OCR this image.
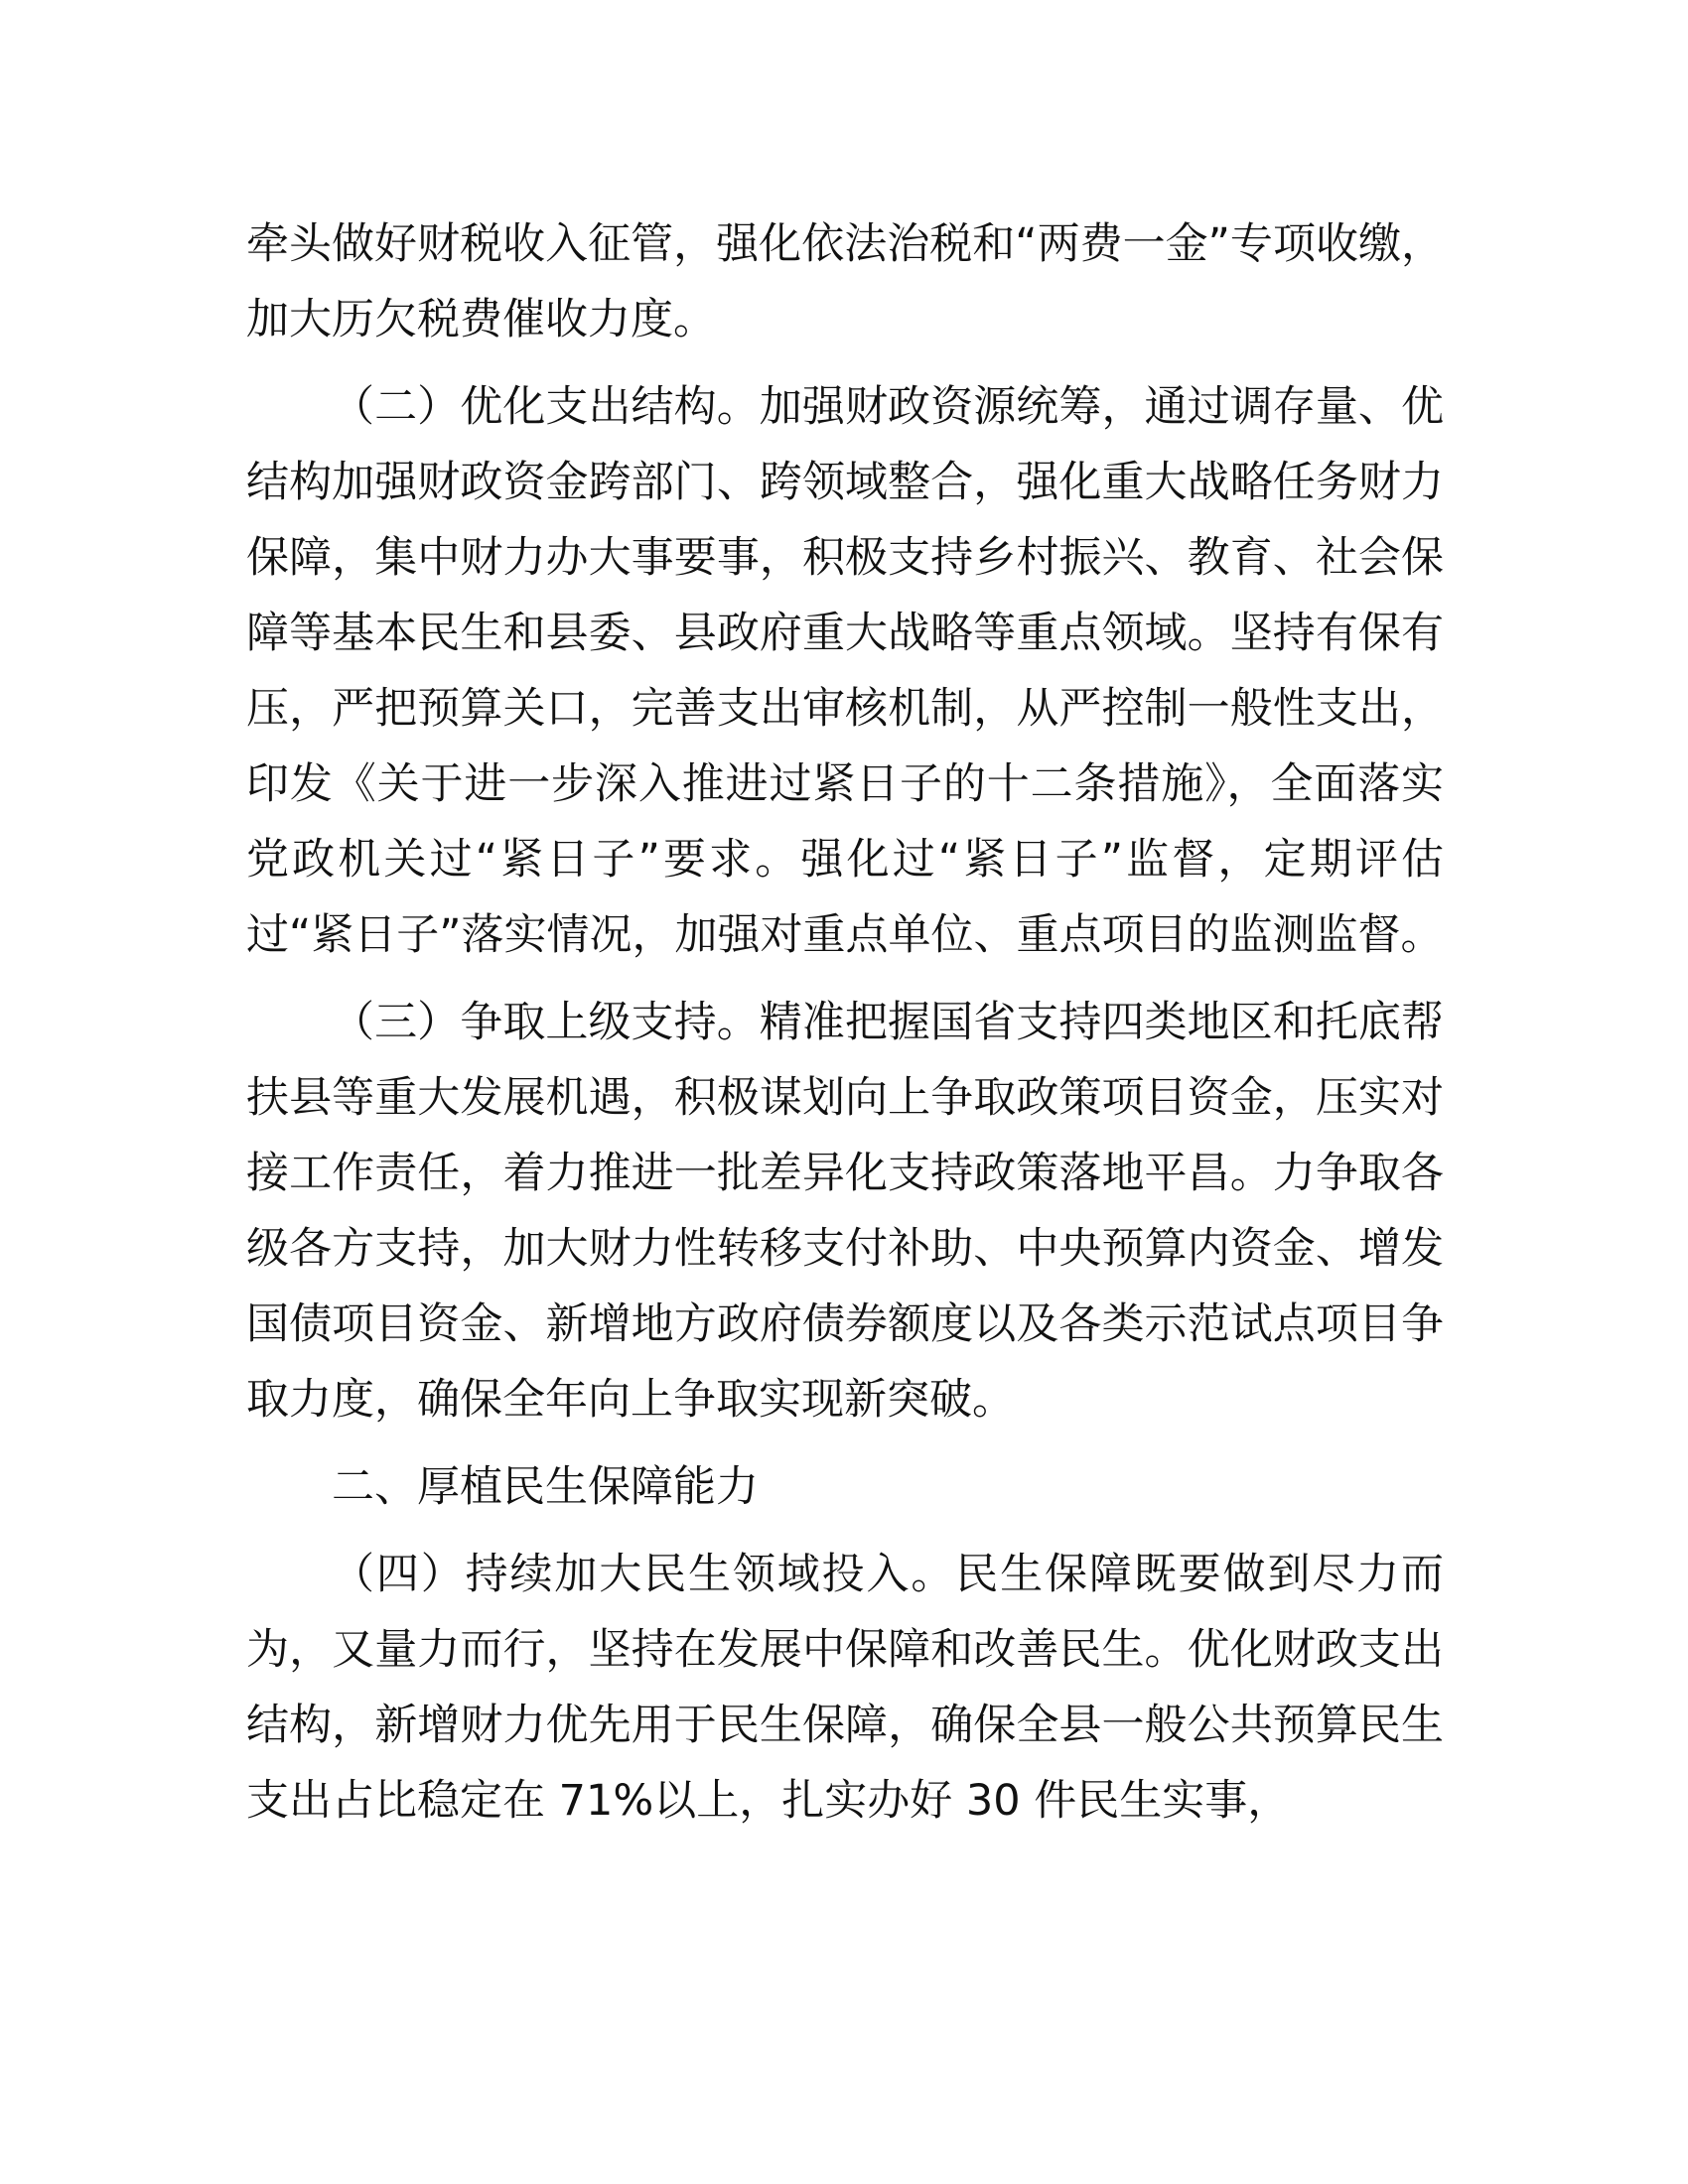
牵头做好财税收入征管，强化依法治税和“两费一金”专项收缴，加大历欠税费催收力度。

（二）优化支出结构。加强财政资源统筹，通过调存量、优结构加强财政资金跨部门、跨领域整合，强化重大战略任务财力保障，集中财力办大事要事，积极支持乡村振兴、教育、社会保障等基本民生和县委、县政府重大战略等重点领域。坚持有保有压，严把预算关口，完善支出审核机制，从严控制一般性支出，印发《关于进一步深入推进过紧日子的十二条措施》，全面落实党政机关过“紧日子”要求。强化过“紧日子”监督，定期评估过“紧日子”落实情况，加强对重点单位、重点项目的监测监督。

（三）争取上级支持。精准把握国省支持四类地区和托底帮扶县等重大发展机遇，积极谋划向上争取政策项目资金，压实对接工作责任，着力推进一批差异化支持政策落地平昌。力争取各级各方支持，加大财力性转移支付补助、中央预算内资金、增发国债项目资金、新增地方政府债券额度以及各类示范试点项目争取力度，确保全年向上争取实现新突破。

二、厚植民生保障能力

（四）持续加大民生领域投入。民生保障既要做到尽力而为，又量力而行，坚持在发展中保障和改善民生。优化财政支出结构，新增财力优先用于民生保障，确保全县一般公共预算民生支出占比稳定在 71%以上，扎实办好 30 件民生实事，
